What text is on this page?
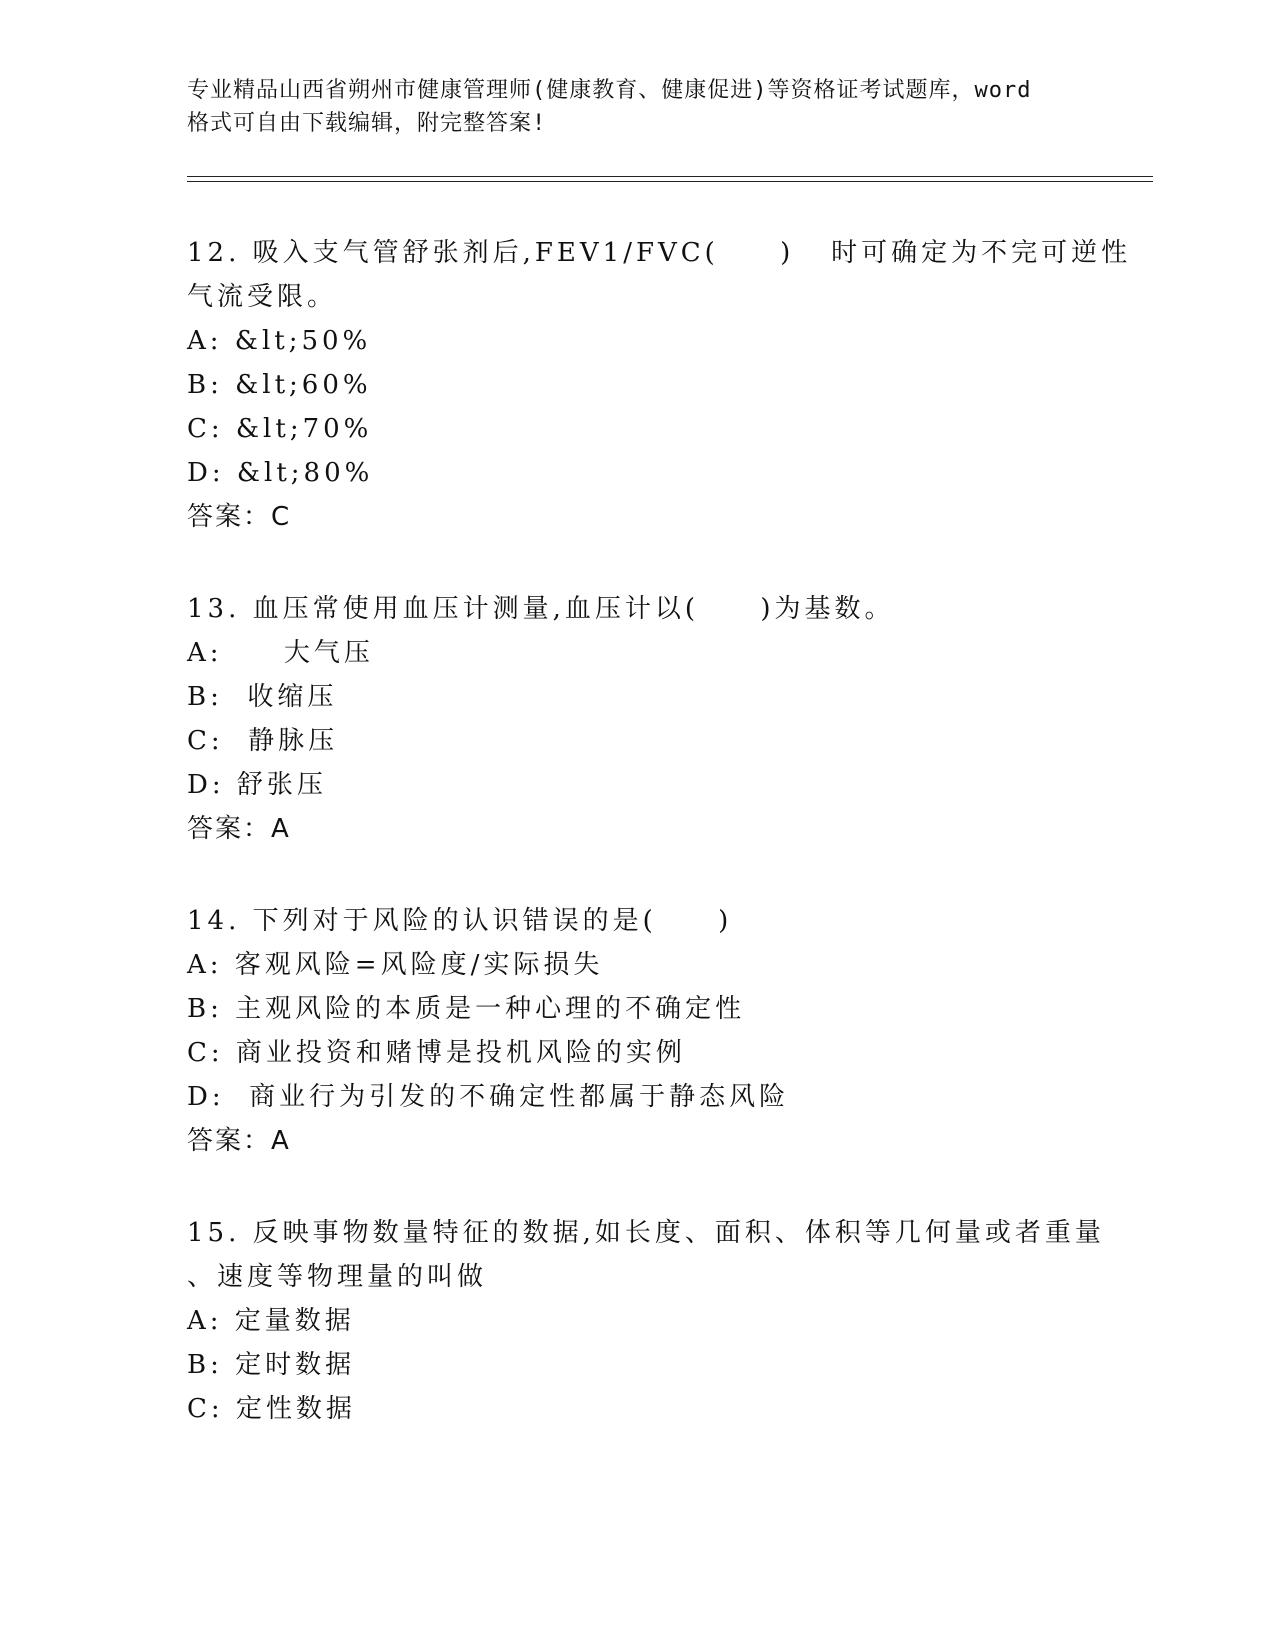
专业精品山西省朔州市健康管理师(健康教育、健康促进)等资格证考试题库，word
格式可自由下载编辑，附完整答案!
12. 吸入支气管舒张剂后,FEV1/FVC(     )   时可确定为不完可逆性
气流受限。
A: &lt;50%
B: &lt;60%
C: &lt;70%
D: &lt;80%
答案：C
13. 血压常使用血压计测量,血压计以(     )为基数。
A:     大气压
B:  收缩压
C:  静脉压
D: 舒张压
答案：A
14. 下列对于风险的认识错误的是(     )
A: 客观风险=风险度/实际损失
B: 主观风险的本质是一种心理的不确定性
C: 商业投资和赌博是投机风险的实例
D:  商业行为引发的不确定性都属于静态风险
答案：A
15. 反映事物数量特征的数据,如长度、面积、体积等几何量或者重量
、速度等物理量的叫做
A: 定量数据
B: 定时数据
C: 定性数据
